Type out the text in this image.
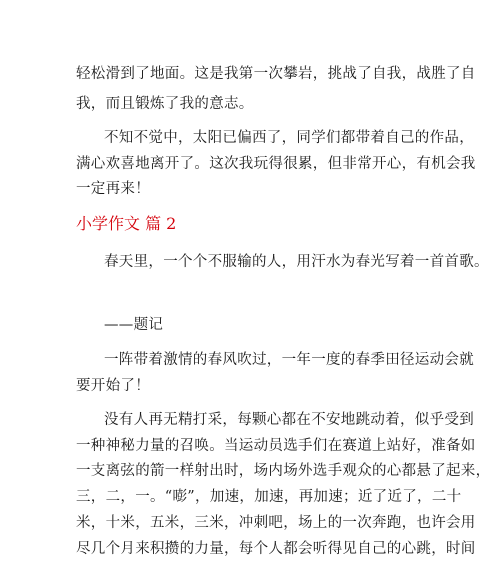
轻松滑到了地面。这是我第一次攀岩，挑战了自我，战胜了自
我，而且锻炼了我的意志。
不知不觉中，太阳已偏西了，同学们都带着自己的作品，
满心欢喜地离开了。这次我玩得很累，但非常开心，有机会我
一定再来！
小学作文 篇 2
春天里，一个个不服输的人，用汗水为春光写着一首首歌。
——题记
一阵带着激情的春风吹过，一年一度的春季田径运动会就
要开始了！
没有人再无精打采，每颗心都在不安地跳动着，似乎受到
一种神秘力量的召唤。当运动员选手们在赛道上站好，准备如
一支离弦的箭一样射出时，场内场外选手观众的心都悬了起来，
三，二，一。“嘭”，加速，加速，再加速；近了近了，二十
米，十米，五米，三米，冲刺吧，场上的一次奔跑，也许会用
尽几个月来积攒的力量，每个人都会听得见自己的心跳，时间
